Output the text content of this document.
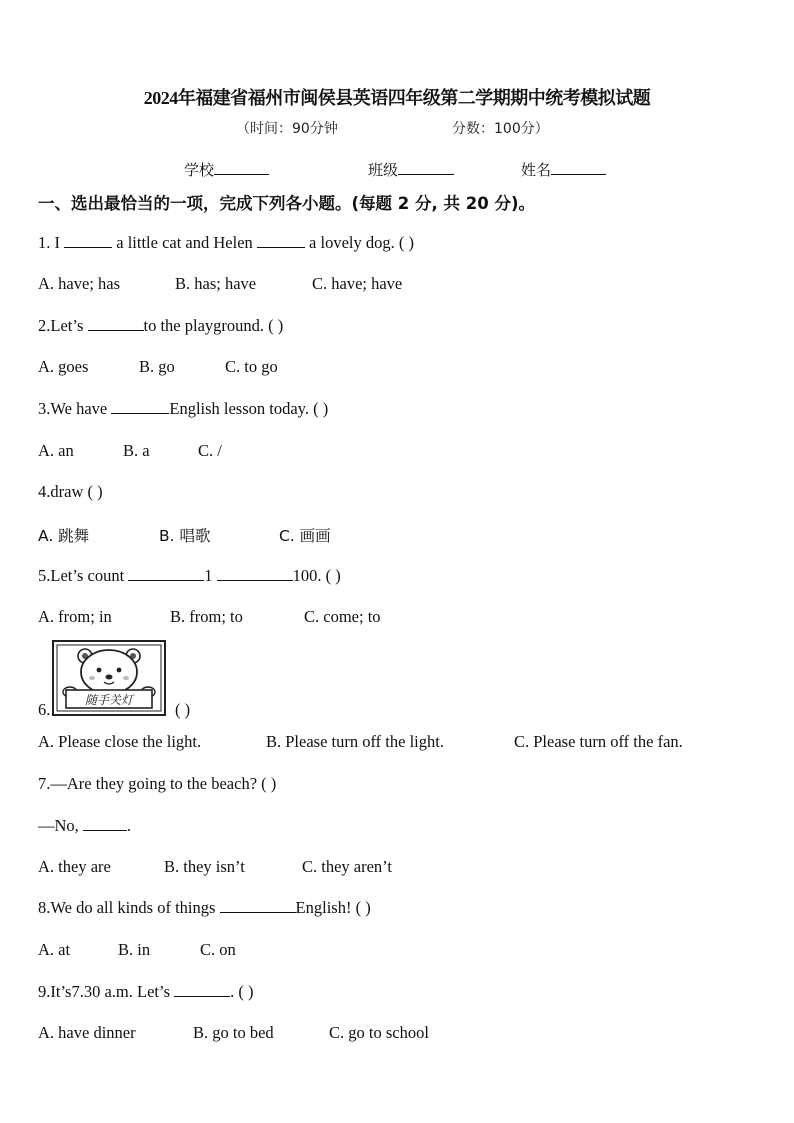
2024年福建省福州市闽侯县英语四年级第二学期期中统考模拟试题
（时间：90分钟	分数：100分）
学校	班级	姓名
一、选出最恰当的一项，完成下列各小题。(每题 2 分, 共 20 分)。
1. I	a little cat and Helen	a lovely dog. ( )
A. have; has	B. has; have	C. have; have
2.Let’s	to the playground. ( )
A. goes	B. go	C. to go
3.We have	English lesson today. ( )
A. an	B. a	C. /
4.draw ( )
A. 跳舞	B. 唱歌	C. 画画
5.Let’s count	1	100. ( )
A. from; in	B. from; to	C. come; to
随手关灯
6.	( )
A. Please close the light.	B. Please turn off the light.	C. Please turn off the fan.
7.—Are they going to the beach? ( )
—No,	.
A. they are	B. they isn’t	C. they aren’t
8.We do all kinds of things	English! ( )
A. at	B. in	C. on
9.It’s7.30 a.m. Let’s	. ( )
A. have dinner	B. go to bed	C. go to school
